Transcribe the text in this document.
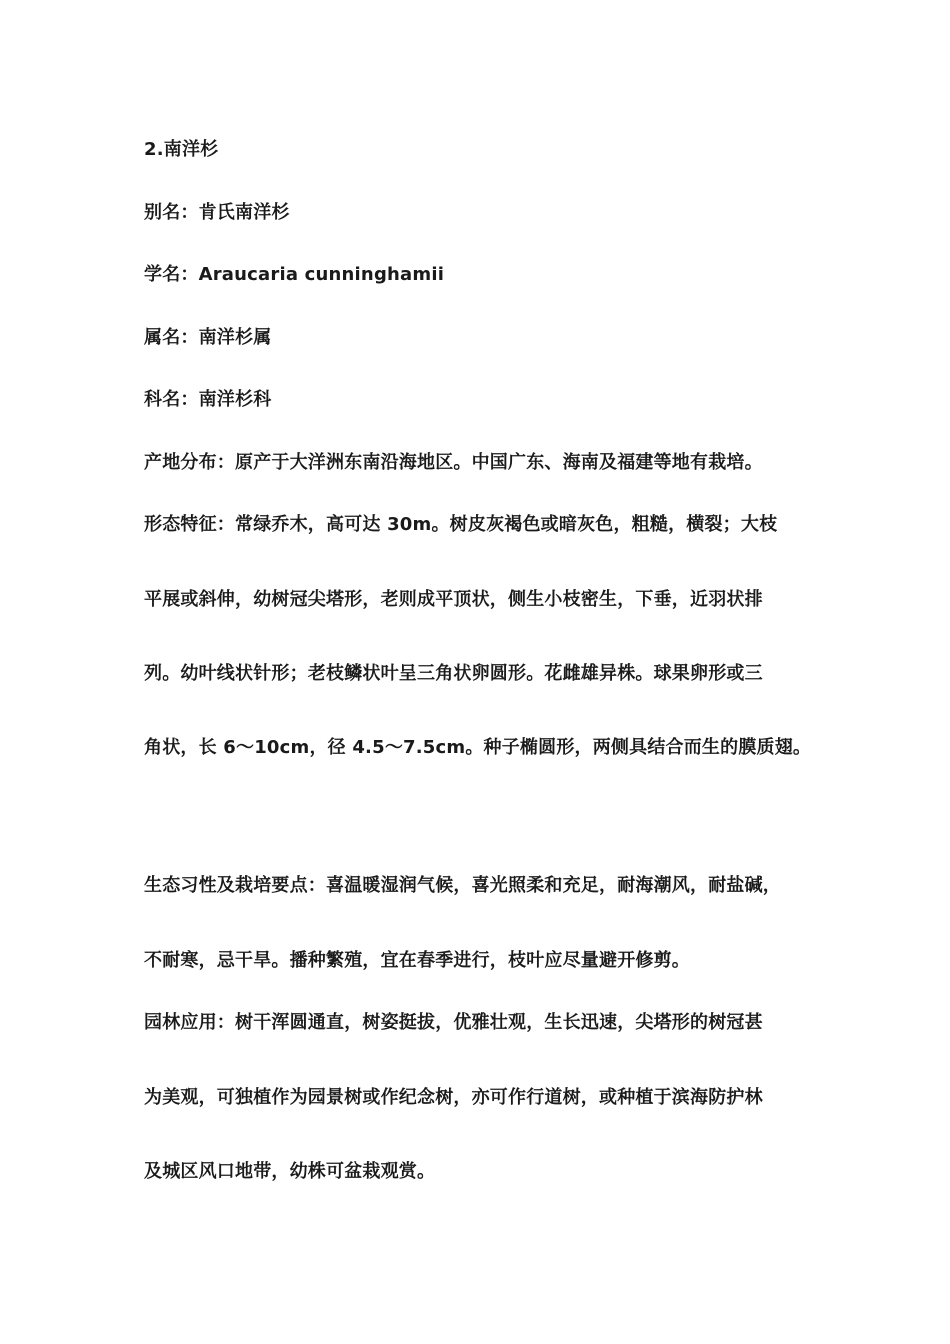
2.南洋杉
别名：肯氏南洋杉
学名：Araucaria cunninghamii
属名：南洋杉属
科名：南洋杉科
产地分布：原产于大洋洲东南沿海地区。中国广东、海南及福建等地有栽培。
形态特征：常绿乔木，高可达 30m。树皮灰褐色或暗灰色，粗糙，横裂；大枝
平展或斜伸，幼树冠尖塔形，老则成平顶状，侧生小枝密生，下垂，近羽状排
列。幼叶线状针形；老枝鳞状叶呈三角状卵圆形。花雌雄异株。球果卵形或三
角状，长 6～10cm，径 4.5～7.5cm。种子椭圆形，两侧具结合而生的膜质翅。
生态习性及栽培要点：喜温暖湿润气候，喜光照柔和充足，耐海潮风，耐盐碱，
不耐寒，忌干旱。播种繁殖，宜在春季进行，枝叶应尽量避开修剪。
园林应用：树干浑圆通直，树姿挺拔，优雅壮观，生长迅速，尖塔形的树冠甚
为美观，可独植作为园景树或作纪念树，亦可作行道树，或种植于滨海防护林
及城区风口地带，幼株可盆栽观赏。
